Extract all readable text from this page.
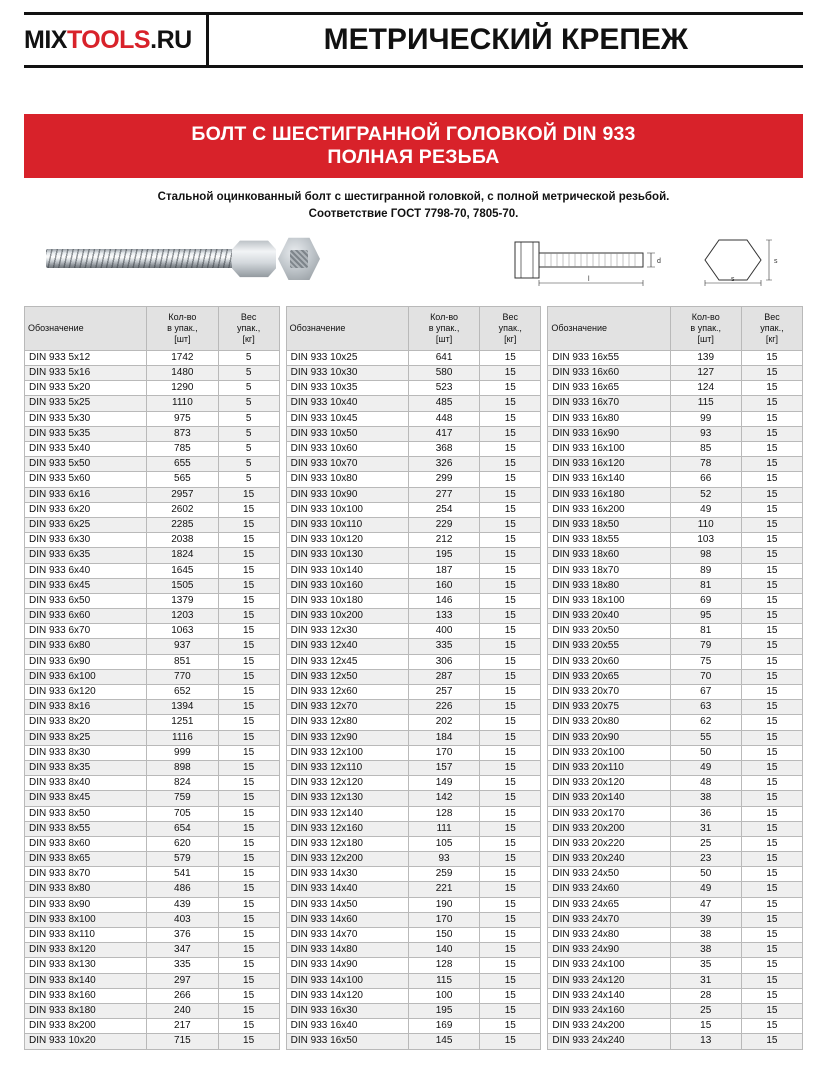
MIX TOOLS .RU	МЕТРИЧЕСКИЙ КРЕПЕЖ
БОЛТ С ШЕСТИГРАННОЙ ГОЛОВКОЙ DIN 933
ПОЛНАЯ РЕЗЬБА
Стальной оцинкованный болт с шестигранной головкой, с полной метрической резьбой.
Соответствие ГОСТ 7798-70, 7805-70.
d
l	s
s
Обозначение	Кол-во
в упак.,
[шт]	Вес
упак.,
[кг]
DIN 933 5x12	1742	5
DIN 933 5x16	1480	5
DIN 933 5x20	1290	5
DIN 933 5x25	1110	5
DIN 933 5x30	975	5
DIN 933 5x35	873	5
DIN 933 5x40	785	5
DIN 933 5x50	655	5
DIN 933 5x60	565	5
DIN 933 6x16	2957	15
DIN 933 6x20	2602	15
DIN 933 6x25	2285	15
DIN 933 6x30	2038	15
DIN 933 6x35	1824	15
DIN 933 6x40	1645	15
DIN 933 6x45	1505	15
DIN 933 6x50	1379	15
DIN 933 6x60	1203	15
DIN 933 6x70	1063	15
DIN 933 6x80	937	15
DIN 933 6x90	851	15
DIN 933 6x100	770	15
DIN 933 6x120	652	15
DIN 933 8x16	1394	15
DIN 933 8x20	1251	15
DIN 933 8x25	1116	15
DIN 933 8x30	999	15
DIN 933 8x35	898	15
DIN 933 8x40	824	15
DIN 933 8x45	759	15
DIN 933 8x50	705	15
DIN 933 8x55	654	15
DIN 933 8x60	620	15
DIN 933 8x65	579	15
DIN 933 8x70	541	15
DIN 933 8x80	486	15
DIN 933 8x90	439	15
DIN 933 8x100	403	15
DIN 933 8x110	376	15
DIN 933 8x120	347	15
DIN 933 8x130	335	15
DIN 933 8x140	297	15
DIN 933 8x160	266	15
DIN 933 8x180	240	15
DIN 933 8x200	217	15
DIN 933 10x20	715	15
Обозначение	Кол-во
в упак.,
[шт]	Вес
упак.,
[кг]
DIN 933 10x25	641	15
DIN 933 10x30	580	15
DIN 933 10x35	523	15
DIN 933 10x40	485	15
DIN 933 10x45	448	15
DIN 933 10x50	417	15
DIN 933 10x60	368	15
DIN 933 10x70	326	15
DIN 933 10x80	299	15
DIN 933 10x90	277	15
DIN 933 10x100	254	15
DIN 933 10x110	229	15
DIN 933 10x120	212	15
DIN 933 10x130	195	15
DIN 933 10x140	187	15
DIN 933 10x160	160	15
DIN 933 10x180	146	15
DIN 933 10x200	133	15
DIN 933 12x30	400	15
DIN 933 12x40	335	15
DIN 933 12x45	306	15
DIN 933 12x50	287	15
DIN 933 12x60	257	15
DIN 933 12x70	226	15
DIN 933 12x80	202	15
DIN 933 12x90	184	15
DIN 933 12x100	170	15
DIN 933 12x110	157	15
DIN 933 12x120	149	15
DIN 933 12x130	142	15
DIN 933 12x140	128	15
DIN 933 12x160	111	15
DIN 933 12x180	105	15
DIN 933 12x200	93	15
DIN 933 14x30	259	15
DIN 933 14x40	221	15
DIN 933 14x50	190	15
DIN 933 14x60	170	15
DIN 933 14x70	150	15
DIN 933 14x80	140	15
DIN 933 14x90	128	15
DIN 933 14x100	115	15
DIN 933 14x120	100	15
DIN 933 16x30	195	15
DIN 933 16x40	169	15
DIN 933 16x50	145	15
Обозначение	Кол-во
в упак.,
[шт]	Вес
упак.,
[кг]
DIN 933 16x55	139	15
DIN 933 16x60	127	15
DIN 933 16x65	124	15
DIN 933 16x70	115	15
DIN 933 16x80	99	15
DIN 933 16x90	93	15
DIN 933 16x100	85	15
DIN 933 16x120	78	15
DIN 933 16x140	66	15
DIN 933 16x180	52	15
DIN 933 16x200	49	15
DIN 933 18x50	110	15
DIN 933 18x55	103	15
DIN 933 18x60	98	15
DIN 933 18x70	89	15
DIN 933 18x80	81	15
DIN 933 18x100	69	15
DIN 933 20x40	95	15
DIN 933 20x50	81	15
DIN 933 20x55	79	15
DIN 933 20x60	75	15
DIN 933 20x65	70	15
DIN 933 20x70	67	15
DIN 933 20x75	63	15
DIN 933 20x80	62	15
DIN 933 20x90	55	15
DIN 933 20x100	50	15
DIN 933 20x110	49	15
DIN 933 20x120	48	15
DIN 933 20x140	38	15
DIN 933 20x170	36	15
DIN 933 20x200	31	15
DIN 933 20x220	25	15
DIN 933 20x240	23	15
DIN 933 24x50	50	15
DIN 933 24x60	49	15
DIN 933 24x65	47	15
DIN 933 24x70	39	15
DIN 933 24x80	38	15
DIN 933 24x90	38	15
DIN 933 24x100	35	15
DIN 933 24x120	31	15
DIN 933 24x140	28	15
DIN 933 24x160	25	15
DIN 933 24x200	15	15
DIN 933 24x240	13	15
